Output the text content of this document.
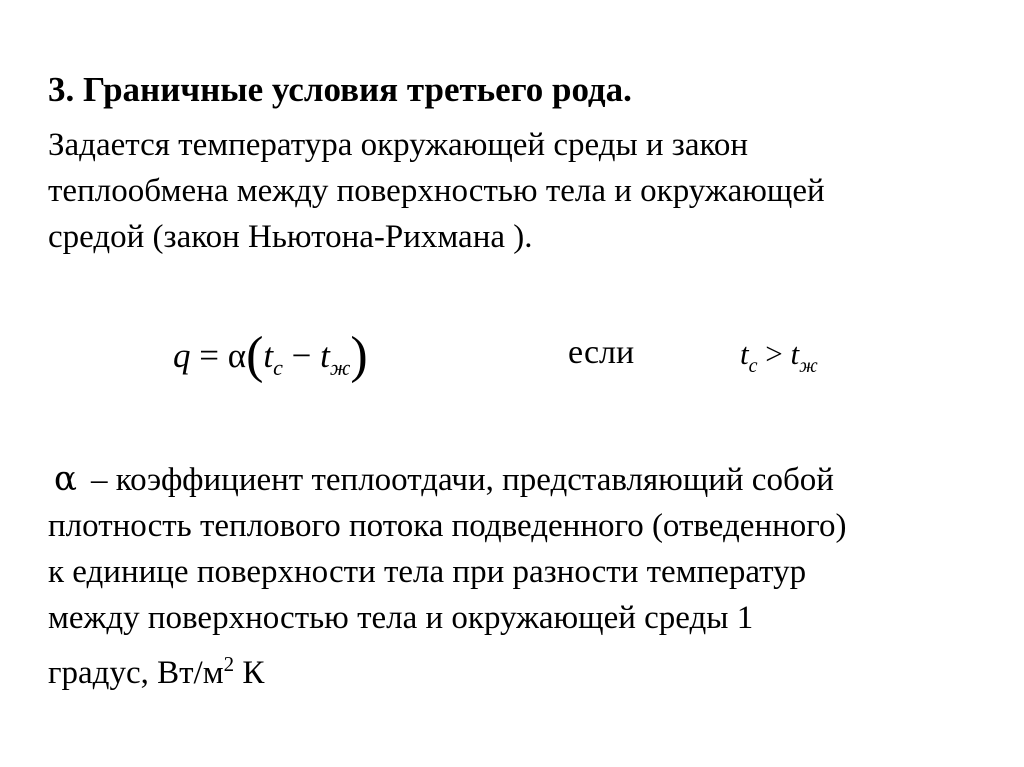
3. Граничные условия третьего рода.
Задается температура окружающей среды и закон
теплообмена между поверхностью тела и окружающей
средой (закон Ньютона-Рихмана ).
$q = \alpha(t_c - t_ж)$	если	$t_c > t_ж$
α – коэффициент теплоотдачи, представляющий собой
плотность теплового потока подведенного (отведенного)
к единице поверхности тела при разности температур
между поверхностью тела и окружающей среды 1
градус, $Вт/м^2$ К
